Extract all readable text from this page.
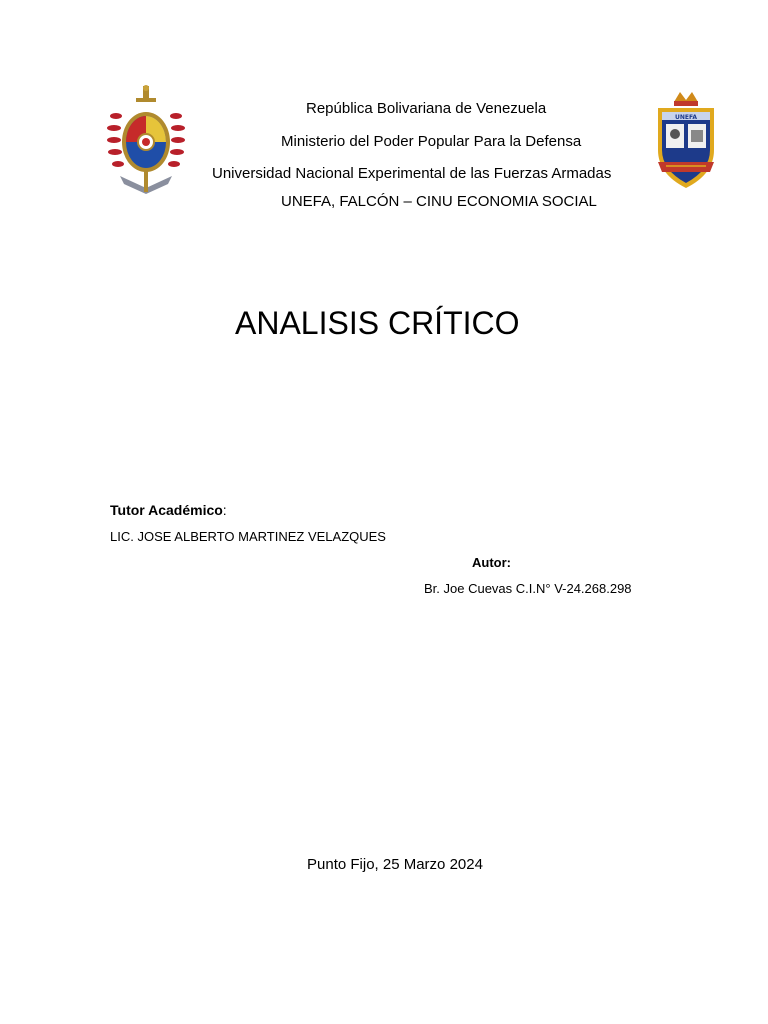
UNEFA
República Bolivariana de Venezuela
Ministerio del Poder Popular Para la Defensa
Universidad Nacional Experimental de las Fuerzas Armadas
UNEFA, FALCÓN – CINU ECONOMIA SOCIAL
ANALISIS CRÍTICO
Tutor Académico:
LIC. JOSE ALBERTO MARTINEZ VELAZQUES
Autor:
Br. Joe Cuevas C.I.N° V-24.268.298
Punto Fijo, 25 Marzo 2024
